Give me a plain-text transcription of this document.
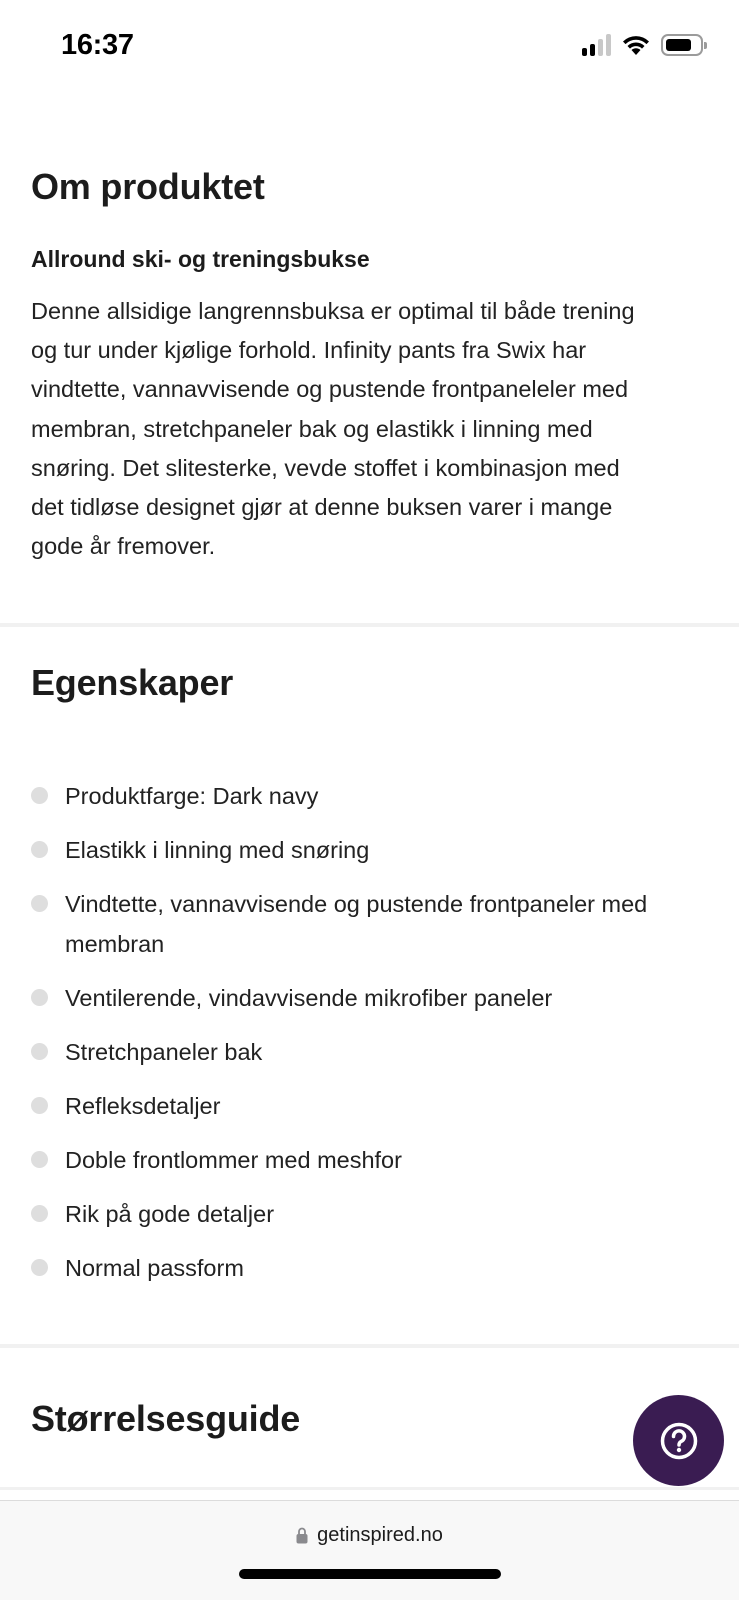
16:37
Om produktet
Allround ski- og treningsbukse
Denne allsidige langrennsbuksa er optimal til både trening
og tur under kjølige forhold. Infinity pants fra Swix har
vindtette, vannavvisende og pustende frontpaneleler med
membran, stretchpaneler bak og elastikk i linning med
snøring. Det slitesterke, vevde stoffet i kombinasjon med
det tidløse designet gjør at denne buksen varer i mange
gode år fremover.
Egenskaper
Produktfarge: Dark navy
Elastikk i linning med snøring
Vindtette, vannavvisende og pustende frontpaneler med membran
Ventilerende, vindavvisende mikrofiber paneler
Stretchpaneler bak
Refleksdetaljer
Doble frontlommer med meshfor
Rik på gode detaljer
Normal passform
Størrelsesguide
getinspired.no
